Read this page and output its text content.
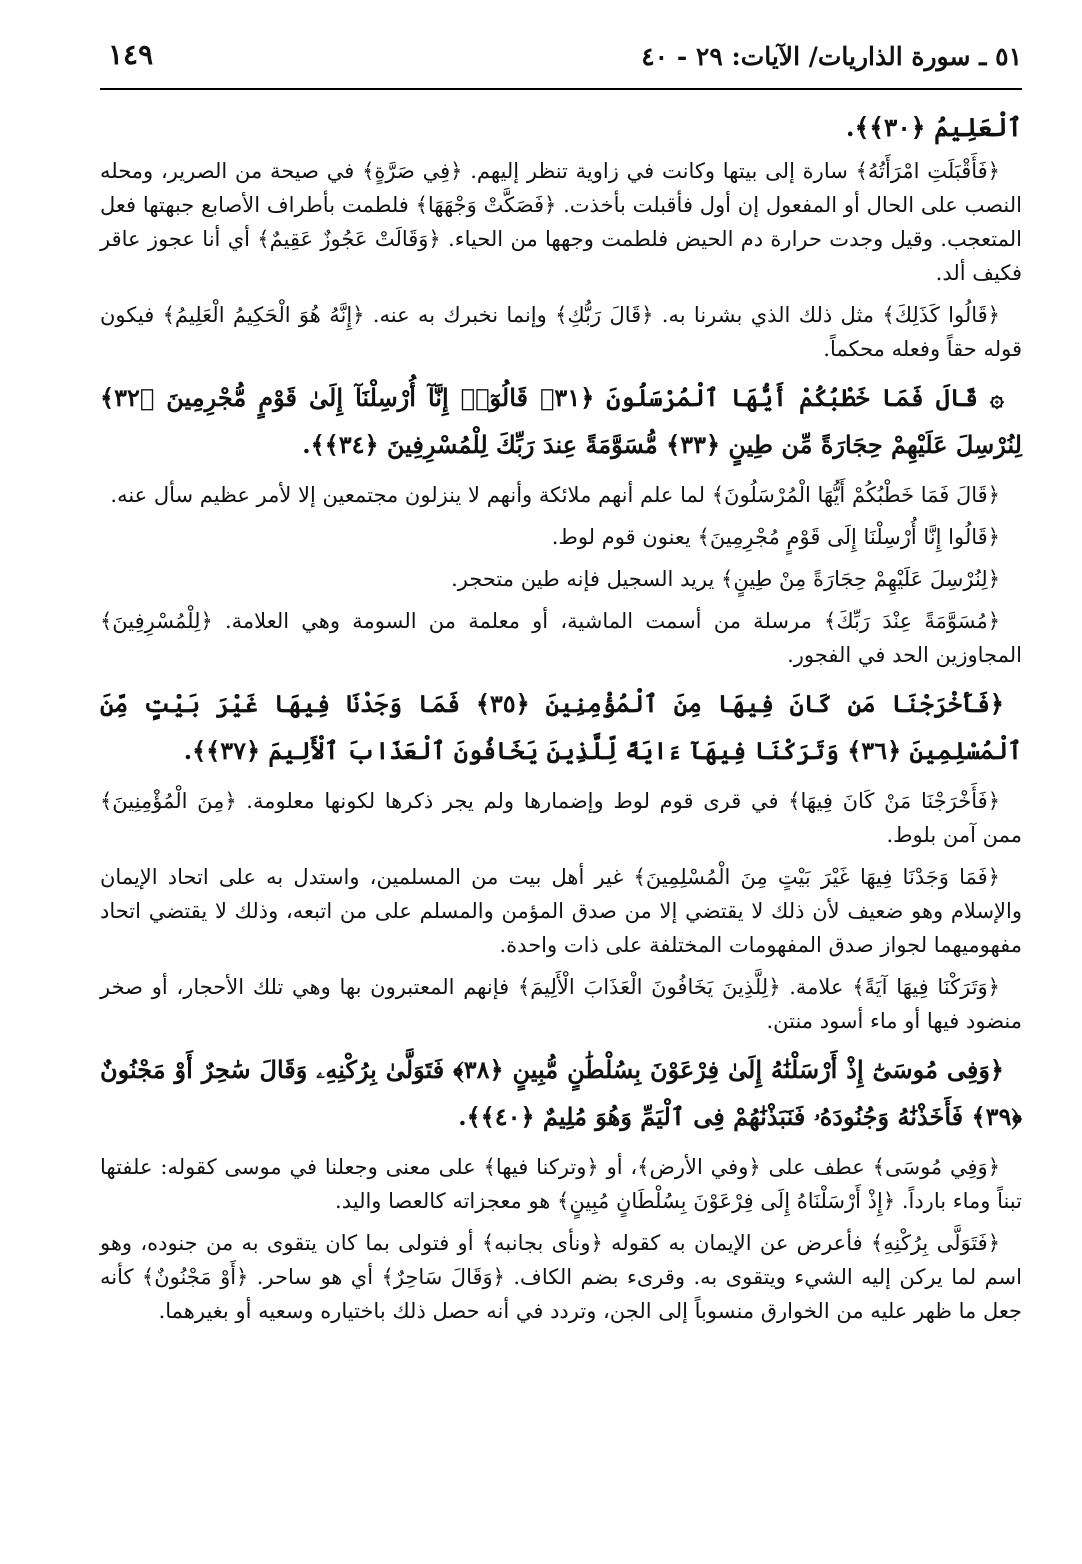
١٤٩	٥١ ـ سورة الذاريات/ الآيات: ٢٩ - ٤٠

ٱلْعَلِيمُ ﴿٣٠﴾﴾.

﴿فَأَقْبَلَتِ امْرَأَتُهُ﴾ سارة إلى بيتها وكانت في زاوية تنظر إليهم. ﴿فِي صَرَّةٍ﴾ في صيحة من الصرير، ومحله النصب على الحال أو المفعول إن أول فأقبلت بأخذت. ﴿فَصَكَّتْ وَجْهَهَا﴾ فلطمت بأطراف الأصابع جبهتها فعل المتعجب. وقيل وجدت حرارة دم الحيض فلطمت وجهها من الحياء. ﴿وَقَالَتْ عَجُوزٌ عَقِيمٌ﴾ أي أنا عجوز عاقر فكيف ألد.

﴿قَالُوا كَذَلِكَ﴾ مثل ذلك الذي بشرنا به. ﴿قَالَ رَبُّكِ﴾ وإنما نخبرك به عنه. ﴿إِنَّهُ هُوَ الْحَكِيمُ الْعَلِيمُ﴾ فيكون قوله حقاً وفعله محكماً.

۞ قَالَ فَمَا خَطْبُكُمْ أَيُّهَا ٱلْمُرْسَلُونَ ﴿٣١﴾ قَالُوٓا۟ إِنَّآ أُرْسِلْنَآ إِلَىٰ قَوْمٍ مُّجْرِمِينَ ﴿٣٢﴾ لِنُرْسِلَ عَلَيْهِمْ حِجَارَةً مِّن طِينٍ ﴿٣٣﴾ مُّسَوَّمَةً عِندَ رَبِّكَ لِلْمُسْرِفِينَ ﴿٣٤﴾﴾.

﴿قَالَ فَمَا خَطْبُكُمْ أَيُّهَا الْمُرْسَلُونَ﴾ لما علم أنهم ملائكة وأنهم لا ينزلون مجتمعين إلا لأمر عظيم سأل عنه.

﴿قَالُوا إِنَّا أُرْسِلْنَا إِلَى قَوْمٍ مُجْرِمِينَ﴾ يعنون قوم لوط.

﴿لِنُرْسِلَ عَلَيْهِمْ حِجَارَةً مِنْ طِينٍ﴾ يريد السجيل فإنه طين متحجر.

﴿مُسَوَّمَةً عِنْدَ رَبِّكَ﴾ مرسلة من أسمت الماشية، أو معلمة من السومة وهي العلامة. ﴿لِلْمُسْرِفِينَ﴾ المجاوزين الحد في الفجور.

﴿فَأَخْرَجْنَا مَن كَانَ فِيهَا مِنَ ٱلْمُؤْمِنِينَ ﴿٣٥﴾ فَمَا وَجَدْنَا فِيهَا غَيْرَ بَيْتٍ مِّنَ ٱلْمُسْلِمِينَ ﴿٣٦﴾ وَتَرَكْنَا فِيهَآ ءَايَةً لِّلَّذِينَ يَخَافُونَ ٱلْعَذَابَ ٱلْأَلِيمَ ﴿٣٧﴾﴾.

﴿فَأَخْرَجْنَا مَنْ كَانَ فِيهَا﴾ في قرى قوم لوط وإضمارها ولم يجر ذكرها لكونها معلومة. ﴿مِنَ الْمُؤْمِنِينَ﴾ ممن آمن بلوط.

﴿فَمَا وَجَدْنَا فِيهَا غَيْرَ بَيْتٍ مِنَ الْمُسْلِمِينَ﴾ غير أهل بيت من المسلمين، واستدل به على اتحاد الإيمان والإسلام وهو ضعيف لأن ذلك لا يقتضي إلا من صدق المؤمن والمسلم على من اتبعه، وذلك لا يقتضي اتحاد مفهوميهما لجواز صدق المفهومات المختلفة على ذات واحدة.

﴿وَتَرَكْنَا فِيهَا آيَةً﴾ علامة. ﴿لِلَّذِينَ يَخَافُونَ الْعَذَابَ الْأَلِيمَ﴾ فإنهم المعتبرون بها وهي تلك الأحجار، أو صخر منضود فيها أو ماء أسود منتن.

﴿وَفِى مُوسَىٰٓ إِذْ أَرْسَلْنَٰهُ إِلَىٰ فِرْعَوْنَ بِسُلْطَٰنٍ مُّبِينٍ ﴿٣٨﴾ فَتَوَلَّىٰ بِرُكْنِهِۦ وَقَالَ سَٰحِرٌ أَوْ مَجْنُونٌ ﴿٣٩﴾ فَأَخَذْنَٰهُ وَجُنُودَهُۥ فَنَبَذْنَٰهُمْ فِى ٱلْيَمِّ وَهُوَ مُلِيمٌ ﴿٤٠﴾﴾.

﴿وَفِي مُوسَى﴾ عطف على ﴿وفي الأرض﴾، أو ﴿وتركنا فيها﴾ على معنى وجعلنا في موسى كقوله: علفتها تبناً وماء بارداً. ﴿إِذْ أَرْسَلْنَاهُ إِلَى فِرْعَوْنَ بِسُلْطَانٍ مُبِينٍ﴾ هو معجزاته كالعصا واليد.

﴿فَتَوَلَّى بِرُكْنِهِ﴾ فأعرض عن الإيمان به كقوله ﴿ونأى بجانبه﴾ أو فتولى بما كان يتقوى به من جنوده، وهو اسم لما يركن إليه الشيء ويتقوى به. وقرىء بضم الكاف. ﴿وَقَالَ سَاحِرٌ﴾ أي هو ساحر. ﴿أَوْ مَجْنُونٌ﴾ كأنه جعل ما ظهر عليه من الخوارق منسوباً إلى الجن، وتردد في أنه حصل ذلك باختياره وسعيه أو بغيرهما.
